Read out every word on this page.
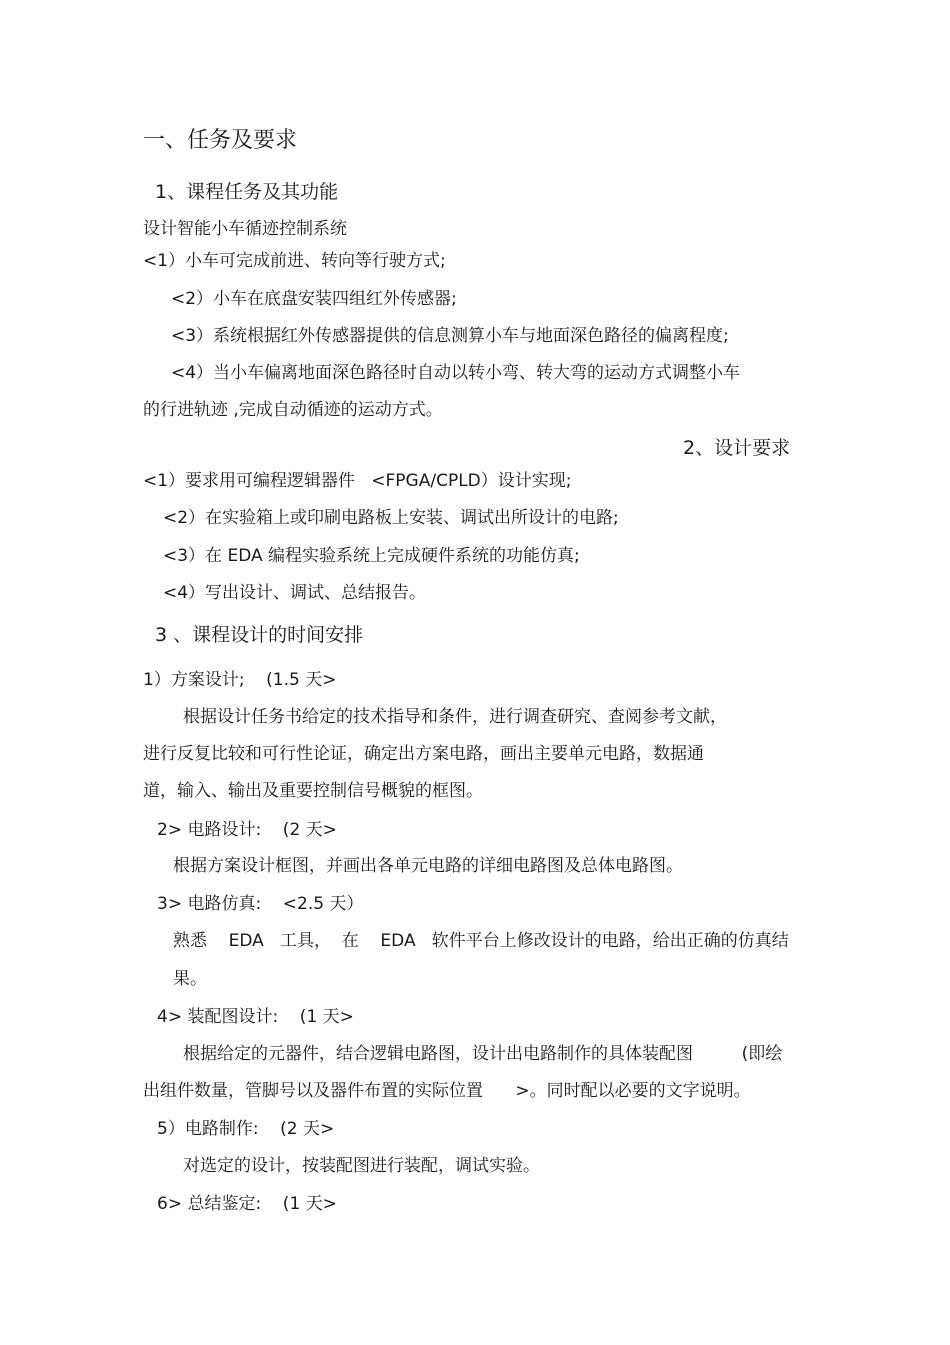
一、任务及要求
1、课程任务及其功能
设计智能小车循迹控制系统
<1）小车可完成前进、转向等行驶方式;
<2）小车在底盘安装四组红外传感器;
<3）系统根据红外传感器提供的信息测算小车与地面深色路径的偏离程度;
<4）当小车偏离地面深色路径时自动以转小弯、转大弯的运动方式调整小车
的行进轨迹 ,完成自动循迹的运动方式。
2、设计要求
<1）要求用可编程逻辑器件   <FPGA/CPLD）设计实现;
<2）在实验箱上或印刷电路板上安装、调试出所设计的电路;
<3）在 EDA 编程实验系统上完成硬件系统的功能仿真;
<4）写出设计、调试、总结报告。
3 、课程设计的时间安排
1）方案设计;    (1.5 天>
根据设计任务书给定的技术指导和条件，进行调查研究、查阅参考文献，
进行反复比较和可行性论证，确定出方案电路，画出主要单元电路，数据通
道，输入、输出及重要控制信号概貌的框图。
2> 电路设计:    (2 天>
根据方案设计框图，并画出各单元电路的详细电路图及总体电路图。
3> 电路仿真:    <2.5 天）
熟悉    EDA   工具，  在    EDA   软件平台上修改设计的电路，给出正确的仿真结
果。
4> 装配图设计:    (1 天>
根据给定的元器件，结合逻辑电路图，设计出电路制作的具体装配图         (即绘
出组件数量，管脚号以及器件布置的实际位置      >。同时配以必要的文字说明。
5）电路制作:    (2 天>
对选定的设计，按装配图进行装配，调试实验。
6> 总结鉴定:    (1 天>
